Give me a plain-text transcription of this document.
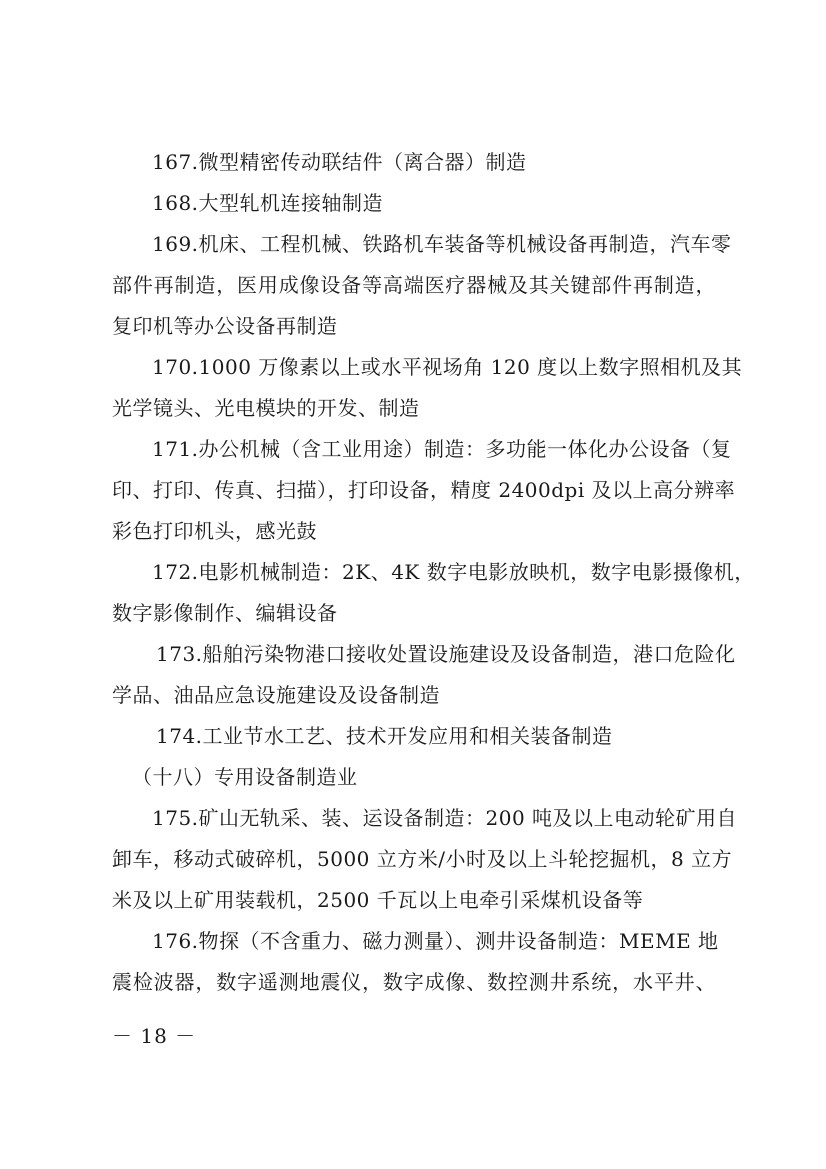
167.微型精密传动联结件（离合器）制造
168.大型轧机连接轴制造
169.机床、工程机械、铁路机车装备等机械设备再制造，汽车零
部件再制造，医用成像设备等高端医疗器械及其关键部件再制造，
复印机等办公设备再制造
170.1000 万像素以上或水平视场角 120 度以上数字照相机及其
光学镜头、光电模块的开发、制造
171.办公机械（含工业用途）制造：多功能一体化办公设备（复
印、打印、传真、扫描），打印设备，精度 2400dpi 及以上高分辨率
彩色打印机头，感光鼓
172.电影机械制造：2K、4K 数字电影放映机，数字电影摄像机，
数字影像制作、编辑设备
173.船舶污染物港口接收处置设施建设及设备制造，港口危险化
学品、油品应急设施建设及设备制造
174.工业节水工艺、技术开发应用和相关装备制造
（十八）专用设备制造业
175.矿山无轨采、装、运设备制造：200 吨及以上电动轮矿用自
卸车，移动式破碎机，5000 立方米/小时及以上斗轮挖掘机，8 立方
米及以上矿用装载机，2500 千瓦以上电牵引采煤机设备等
176.物探（不含重力、磁力测量）、测井设备制造：MEME 地
震检波器，数字遥测地震仪，数字成像、数控测井系统，水平井、
－ 18 －
